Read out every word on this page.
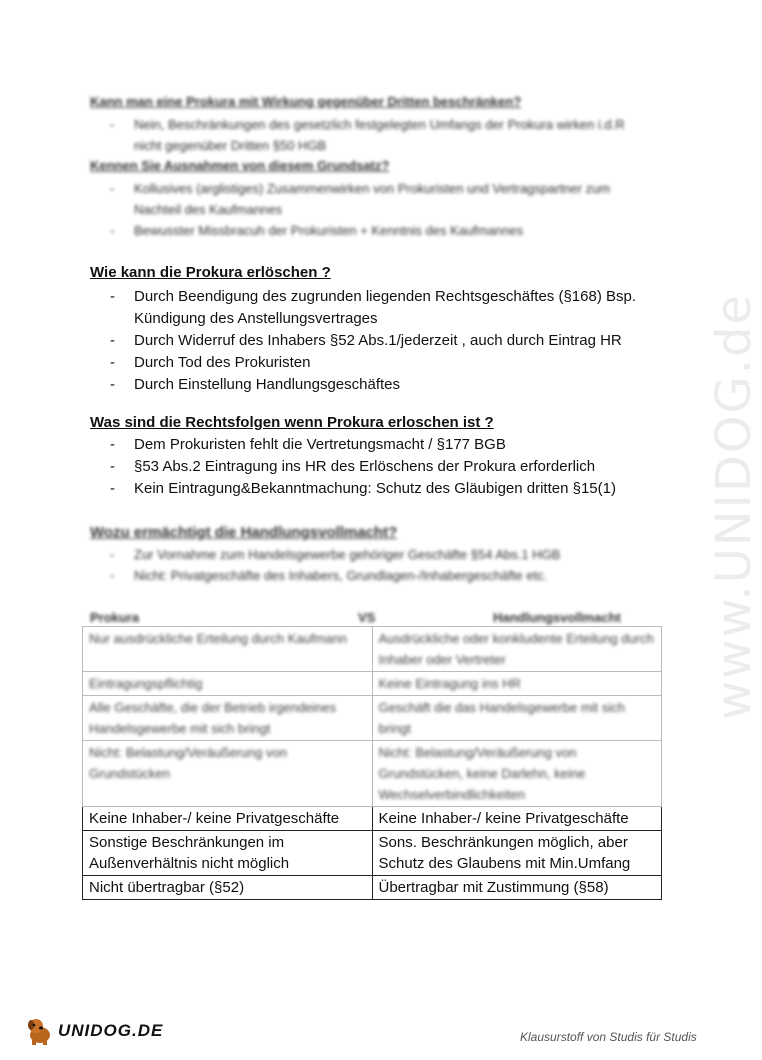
www.UNIDOG.de
Kann man eine Prokura mit Wirkung gegenüber Dritten beschränken?
- Nein, Beschränkungen des gesetzlich festgelegten Umfangs der Prokura wirken i.d.R nicht gegenüber Dritten §50 HGB
Kennen Sie Ausnahmen von diesem Grundsatz?
- Kollusives (arglistiges) Zusammenwirken von Prokuristen und Vertragspartner zum Nachteil des Kaufmannes
- Bewusster Missbracuh der Prokuristen + Kenntnis des Kaufmannes
Wie kann die Prokura erlöschen ?
- Durch Beendigung des zugrunden liegenden Rechtsgeschäftes (§168) Bsp. Kündigung des Anstellungsvertrages
- Durch Widerruf des Inhabers §52 Abs.1/jederzeit , auch durch Eintrag HR
- Durch Tod des Prokuristen
- Durch Einstellung Handlungsgeschäftes
Was sind die Rechtsfolgen wenn Prokura erloschen ist ?
- Dem Prokuristen fehlt die Vertretungsmacht / §177 BGB
- §53 Abs.2 Eintragung ins HR des Erlöschens der Prokura erforderlich
- Kein Eintragung&Bekanntmachung: Schutz des Gläubigen dritten §15(1)
Wozu ermächtigt die Handlungsvollmacht?
- Zur Vornahme zum Handelsgewerbe gehöriger Geschäfte §54 Abs.1 HGB
- Nicht: Privatgeschäfte des Inhabers, Grundlagen-/Inhabergeschäfte etc.
Prokura	VS	Handlungsvollmacht
Nur ausdrückliche Erteilung durch Kaufmann	Ausdrückliche oder konkludente Erteilung durch Inhaber oder Vertreter
Eintragungspflichtig	Keine Eintragung ins HR
Alle Geschäfte, die der Betrieb irgendeines Handelsgewerbe mit sich bringt	Geschäft die das Handelsgewerbe mit sich bringt
Nicht: Belastung/Veräußerung von Grundstücken	Nicht: Belastung/Veräußerung von Grundstücken, keine Darlehn, keine Wechselverbindlichkeiten
Keine Inhaber-/ keine Privatgeschäfte	Keine Inhaber-/ keine Privatgeschäfte
Sonstige Beschränkungen im Außenverhältnis nicht möglich	Sons. Beschränkungen möglich, aber Schutz des Glaubens mit Min.Umfang
Nicht übertragbar (§52)	Übertragbar mit Zustimmung (§58)
UNIDOG.DE	Klausurstoff von Studis für Studis
